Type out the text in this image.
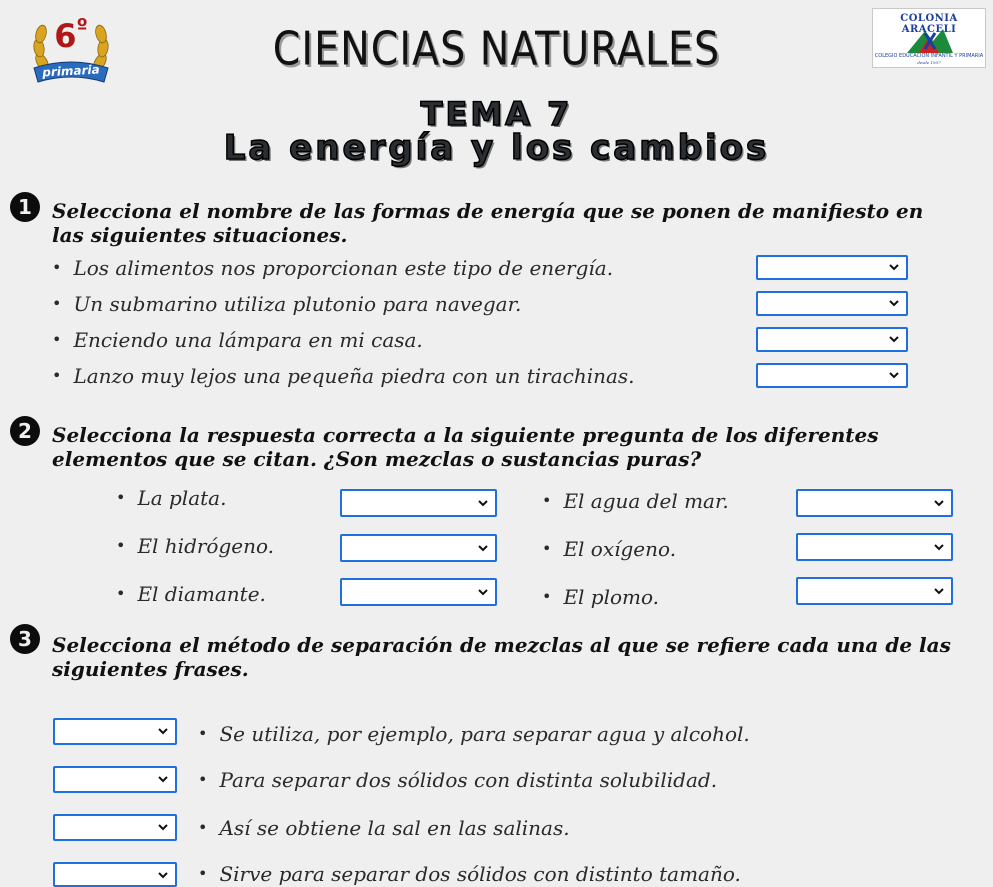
$6^º$
primaria	CIENCIAS NATURALES
COLONIA ARACELI
COLEGIO EDUCACIÓN INFANTIL Y PRIMARIA
desde 1957
TEMA 7
La energía y los cambios
1	Selecciona el nombre de las formas de energía que se ponen de manifiesto en
las siguientes situaciones.
• Los alimentos nos proporcionan este tipo de energía.
• Un submarino utiliza plutonio para navegar.
• Enciendo una lámpara en mi casa.
• Lanzo muy lejos una pequeña piedra con un tirachinas.
2	Selecciona la respuesta correcta a la siguiente pregunta de los diferentes
elementos que se citan. ¿Son mezclas o sustancias puras?
• La plata.
• El hidrógeno.
• El diamante.
• El agua del mar.
• El oxígeno.
• El plomo.
3	Selecciona el método de separación de mezclas al que se refiere cada una de las
siguientes frases.
• Se utiliza, por ejemplo, para separar agua y alcohol.
• Para separar dos sólidos con distinta solubilidad.
• Así se obtiene la sal en las salinas.
• Sirve para separar dos sólidos con distinto tamaño.
